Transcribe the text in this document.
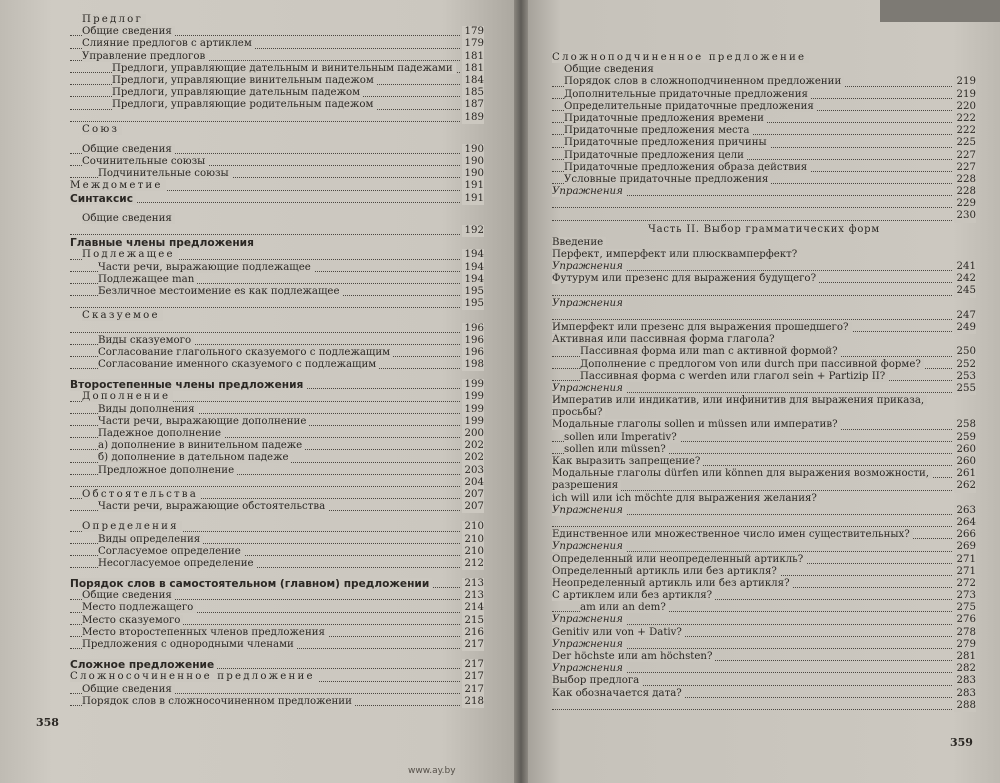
Предлог
Общие сведения	179
Слияние предлогов с артиклем	179
Управление предлогов	181
Предлоги, управляющие дательным и винительным падежами 181
Предлоги, управляющие винительным падежом	184
Предлоги, управляющие дательным падежом	185
Предлоги, управляющие родительным падежом	187
189
Союз
Общие сведения	190
Сочинительные союзы	190
Подчинительные союзы	190
Междометие	191
Синтаксис	191
Общие сведения
192
Главные члены предложения
Подлежащее	194
Части речи, выражающие подлежащее	194
Подлежащее man	194
Безличное местоимение es как подлежащее	195
195
Сказуемое
196
Виды сказуемого	196
Согласование глагольного сказуемого с подлежащим	196
Согласование именного сказуемого с подлежащим	198
Второстепенные члены предложения	199
Дополнение	199
Виды дополнения	199
Части речи, выражающие дополнение	199
Падежное дополнение	200
а) дополнение в винительном падеже	202
б) дополнение в дательном падеже	202
Предложное дополнение	203
204
Обстоятельства	207
Части речи, выражающие обстоятельства	207
Определения	210
Виды определения	210
Согласуемое определение	210
Несогласуемое определение	212
Порядок слов в самостоятельном (главном) предложении	213
Общие сведения	213
Место подлежащего	214
Место сказуемого	215
Место второстепенных членов предложения	216
Предложения с однородными членами	217
Сложное предложение	217
Сложносочиненное предложение	217
Общие сведения	217
Порядок слов в сложносочиненном предложении	218
358
Сложноподчиненное предложение
Общие сведения
Порядок слов в сложноподчиненном предложении	219
Дополнительные придаточные предложения	219
Определительные придаточные предложения	220
Придаточные предложения времени	222
Придаточные предложения места	222
Придаточные предложения причины	225
Придаточные предложения цели	227
Придаточные предложения образа действия	227
Условные придаточные предложения	228
Упражнения	228
229
230
Часть II. Выбор грамматических форм
Введение
Перфект, имперфект или плюсквамперфект?
Упражнения	241
Футурум или презенс для выражения будущего?	242
245
Упражнения
247
Имперфект или презенс для выражения прошедшего?	249
Активная или пассивная форма глагола?
Пассивная форма или man с активной формой?	250
Дополнение с предлогом von или durch при пассивной форме?	252
Пассивная форма с werden или глагол sein + Partizip II?	253
Упражнения	255
Императив или индикатив, или инфинитив для выражения приказа,
просьбы?
Модальные глаголы sollen и müssen или императив?	258
sollen или Imperativ?	259
sollen или müssen?	260
Как выразить запрещение?	260
Модальные глаголы dürfen или können для выражения возможности,	261
разрешения	262
ich will или ich möchte для выражения желания?
Упражнения	263
264
Единственное или множественное число имен существительных?	266
Упражнения	269
Определенный или неопределенный артикль?	271
Определенный артикль или без артикля?	271
Неопределенный артикль или без артикля?	272
С артиклем или без артикля?	273
am или an dem?	275
Упражнения	276
Genitiv или von + Dativ?	278
Упражнения	279
Der höchste или am höchsten?	281
Упражнения	282
Выбор предлога	283
Как обозначается дата?	283
288
359
www.ay.by
